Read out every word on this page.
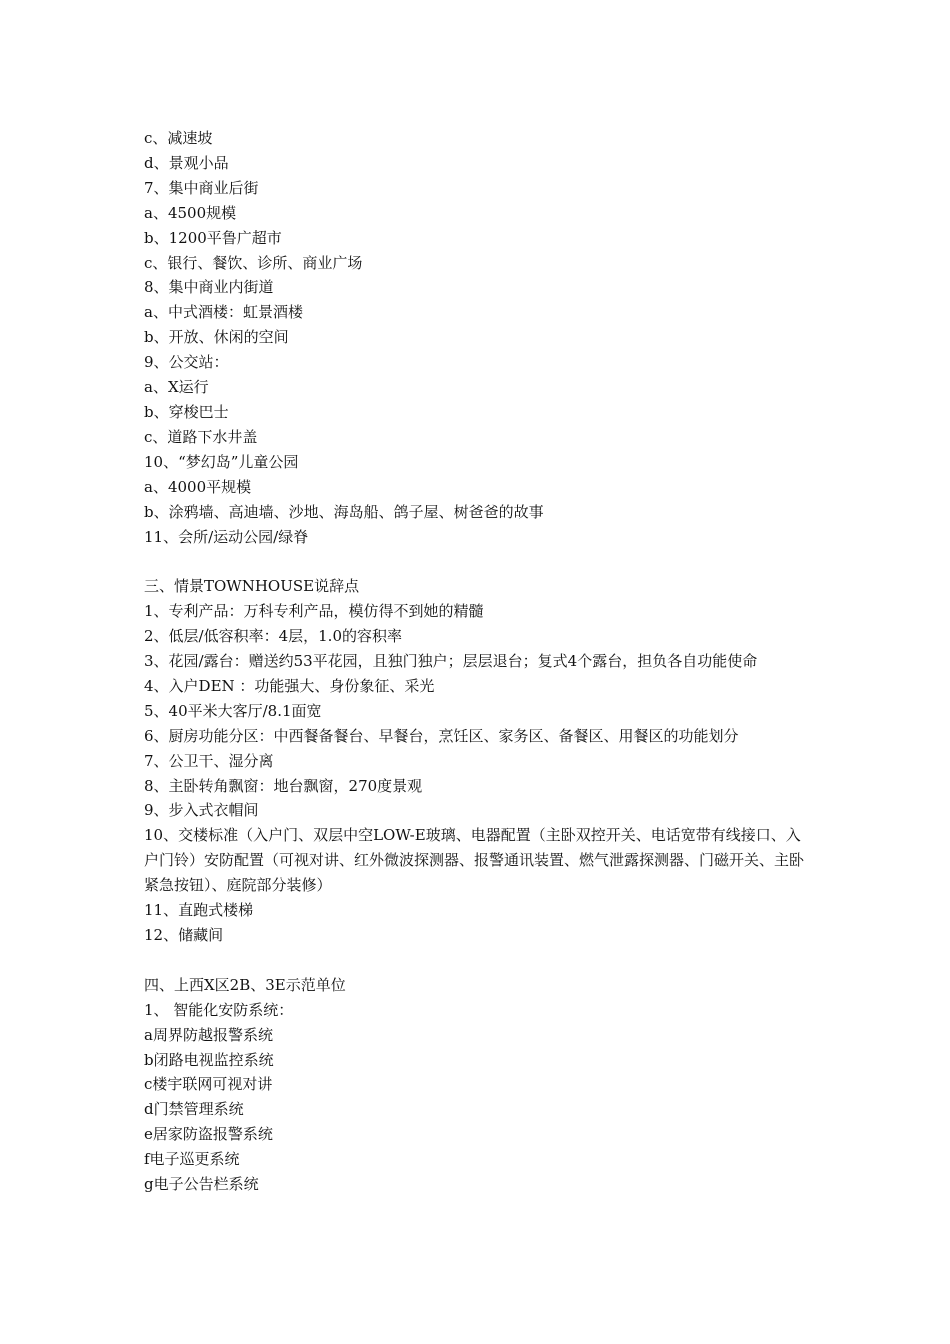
c、减速坡
d、景观小品
7、集中商业后街
a、4500规模
b、1200平鲁广超市
c、银行、餐饮、诊所、商业广场
8、集中商业内街道
a、中式酒楼：虹景酒楼
b、开放、休闲的空间
9、公交站：
a、X运行
b、穿梭巴士
c、道路下水井盖
10、“梦幻岛”儿童公园
a、4000平规模
b、涂鸦墙、高迪墙、沙地、海岛船、鸽子屋、树爸爸的故事
11、会所/运动公园/绿脊
三、情景TOWNHOUSE说辞点
1、专利产品：万科专利产品，模仿得不到她的精髓
2、低层/低容积率：4层，1.0的容积率
3、花园/露台：赠送约53平花园，且独门独户；层层退台；复式4个露台，担负各自功能使命
4、入户DEN ：功能强大、身份象征、采光
5、40平米大客厅/8.1面宽
6、厨房功能分区：中西餐备餐台、早餐台，烹饪区、家务区、备餐区、用餐区的功能划分
7、公卫干、湿分离
8、主卧转角飘窗：地台飘窗，270度景观
9、步入式衣帽间
10、交楼标准（入户门、双层中空LOW-E玻璃、电器配置（主卧双控开关、电话宽带有线接口、入户门铃）安防配置（可视对讲、红外微波探测器、报警通讯装置、燃气泄露探测器、门磁开关、主卧紧急按钮）、庭院部分装修）
11、直跑式楼梯
12、储藏间
四、上西X区2B、3E示范单位
1、 智能化安防系统：
a周界防越报警系统
b闭路电视监控系统
c楼宇联网可视对讲
d门禁管理系统
e居家防盗报警系统
f电子巡更系统
g电子公告栏系统
